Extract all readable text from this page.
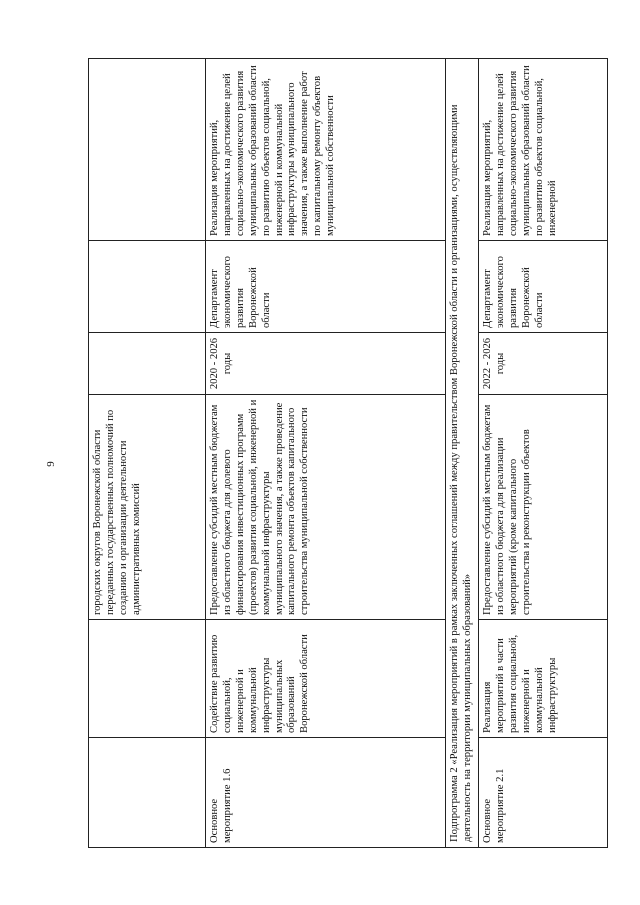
9	городских округов Воронежской области переданных государственных полномочий по созданию и организации деятельности административных комиссий
Основное мероприятие 1.6
Содействие развитию социальной, инженерной и коммунальной инфраструктуры муниципальных образований Воронежской области
Предоставление субсидий местным бюджетам из областного бюджета для долевого финансирования инвестиционных программ (проектов) развития социальной, инженерной и коммунальной инфраструктуры муниципального значения, а также проведение капитального ремонта объектов капитального строительства муниципальной собственности
2020 - 2026 годы
Департамент экономического развития Воронежской области
Реализация мероприятий, направленных на достижение целей социально-экономического развития муниципальных образований области по развитию объектов социальной, инженерной и коммунальной инфраструктуры муниципального значения, а также выполнение работ по капитальному ремонту объектов муниципальной собственности	Подпрограмма 2 «Реализация мероприятий в рамках заключенных соглашений между правительством Воронежской области и организациями, осуществляющими деятельность на территории муниципальных образований» Основное мероприятие 2.1
Реализация мероприятий в части развития социальной, инженерной и коммунальной инфраструктуры
Предоставление субсидий местным бюджетам из областного бюджета для реализации мероприятий (кроме капитального строительства и реконструкции объектов
2022 - 2026 годы
Департамент экономического развития Воронежской области
Реализация мероприятий, направленных на достижение целей социально-экономического развития муниципальных образований области по развитию объектов социальной, инженерной
